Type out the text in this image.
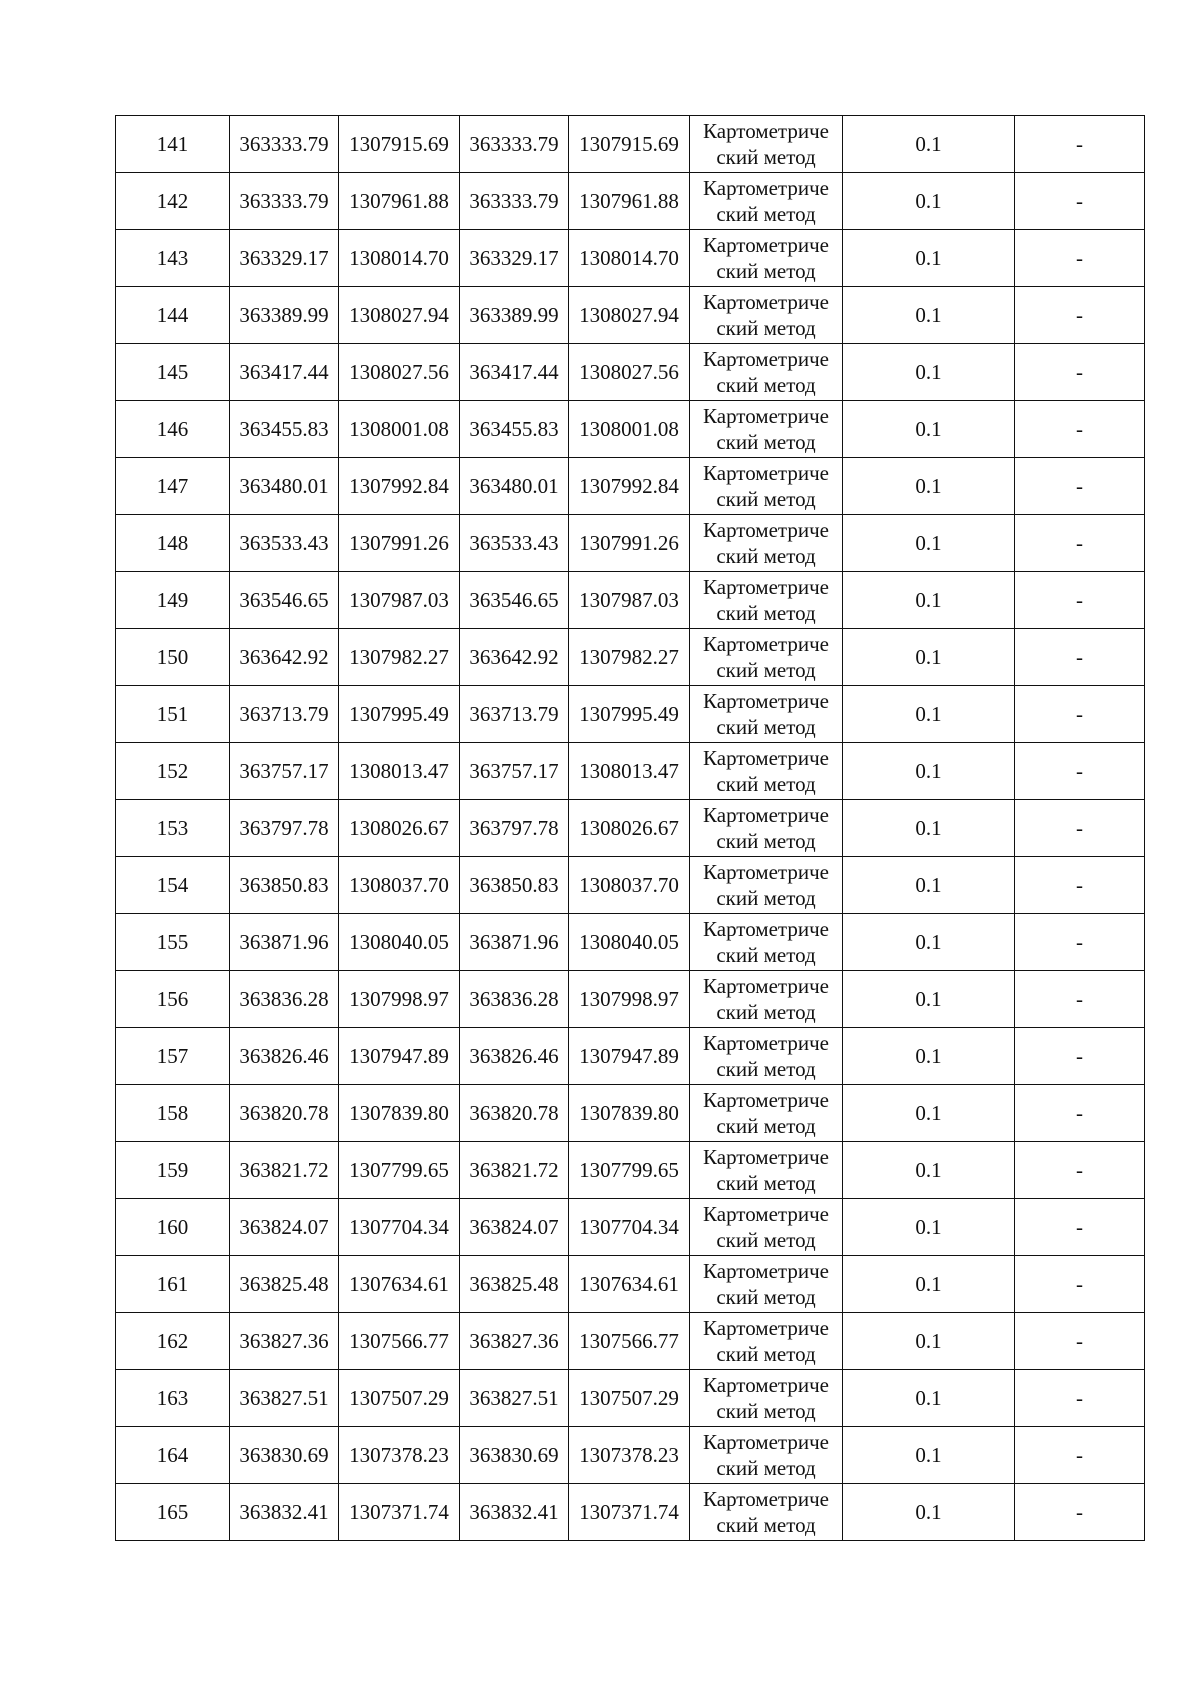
141	363333.79	1307915.69	363333.79	1307915.69	Картометриче
ский метод	0.1	-
142	363333.79	1307961.88	363333.79	1307961.88	Картометриче
ский метод	0.1	-
143	363329.17	1308014.70	363329.17	1308014.70	Картометриче
ский метод	0.1	-
144	363389.99	1308027.94	363389.99	1308027.94	Картометриче
ский метод	0.1	-
145	363417.44	1308027.56	363417.44	1308027.56	Картометриче
ский метод	0.1	-
146	363455.83	1308001.08	363455.83	1308001.08	Картометриче
ский метод	0.1	-
147	363480.01	1307992.84	363480.01	1307992.84	Картометриче
ский метод	0.1	-
148	363533.43	1307991.26	363533.43	1307991.26	Картометриче
ский метод	0.1	-
149	363546.65	1307987.03	363546.65	1307987.03	Картометриче
ский метод	0.1	-
150	363642.92	1307982.27	363642.92	1307982.27	Картометриче
ский метод	0.1	-
151	363713.79	1307995.49	363713.79	1307995.49	Картометриче
ский метод	0.1	-
152	363757.17	1308013.47	363757.17	1308013.47	Картометриче
ский метод	0.1	-
153	363797.78	1308026.67	363797.78	1308026.67	Картометриче
ский метод	0.1	-
154	363850.83	1308037.70	363850.83	1308037.70	Картометриче
ский метод	0.1	-
155	363871.96	1308040.05	363871.96	1308040.05	Картометриче
ский метод	0.1	-
156	363836.28	1307998.97	363836.28	1307998.97	Картометриче
ский метод	0.1	-
157	363826.46	1307947.89	363826.46	1307947.89	Картометриче
ский метод	0.1	-
158	363820.78	1307839.80	363820.78	1307839.80	Картометриче
ский метод	0.1	-
159	363821.72	1307799.65	363821.72	1307799.65	Картометриче
ский метод	0.1	-
160	363824.07	1307704.34	363824.07	1307704.34	Картометриче
ский метод	0.1	-
161	363825.48	1307634.61	363825.48	1307634.61	Картометриче
ский метод	0.1	-
162	363827.36	1307566.77	363827.36	1307566.77	Картометриче
ский метод	0.1	-
163	363827.51	1307507.29	363827.51	1307507.29	Картометриче
ский метод	0.1	-
164	363830.69	1307378.23	363830.69	1307378.23	Картометриче
ский метод	0.1	-
165	363832.41	1307371.74	363832.41	1307371.74	Картометриче
ский метод	0.1	-
